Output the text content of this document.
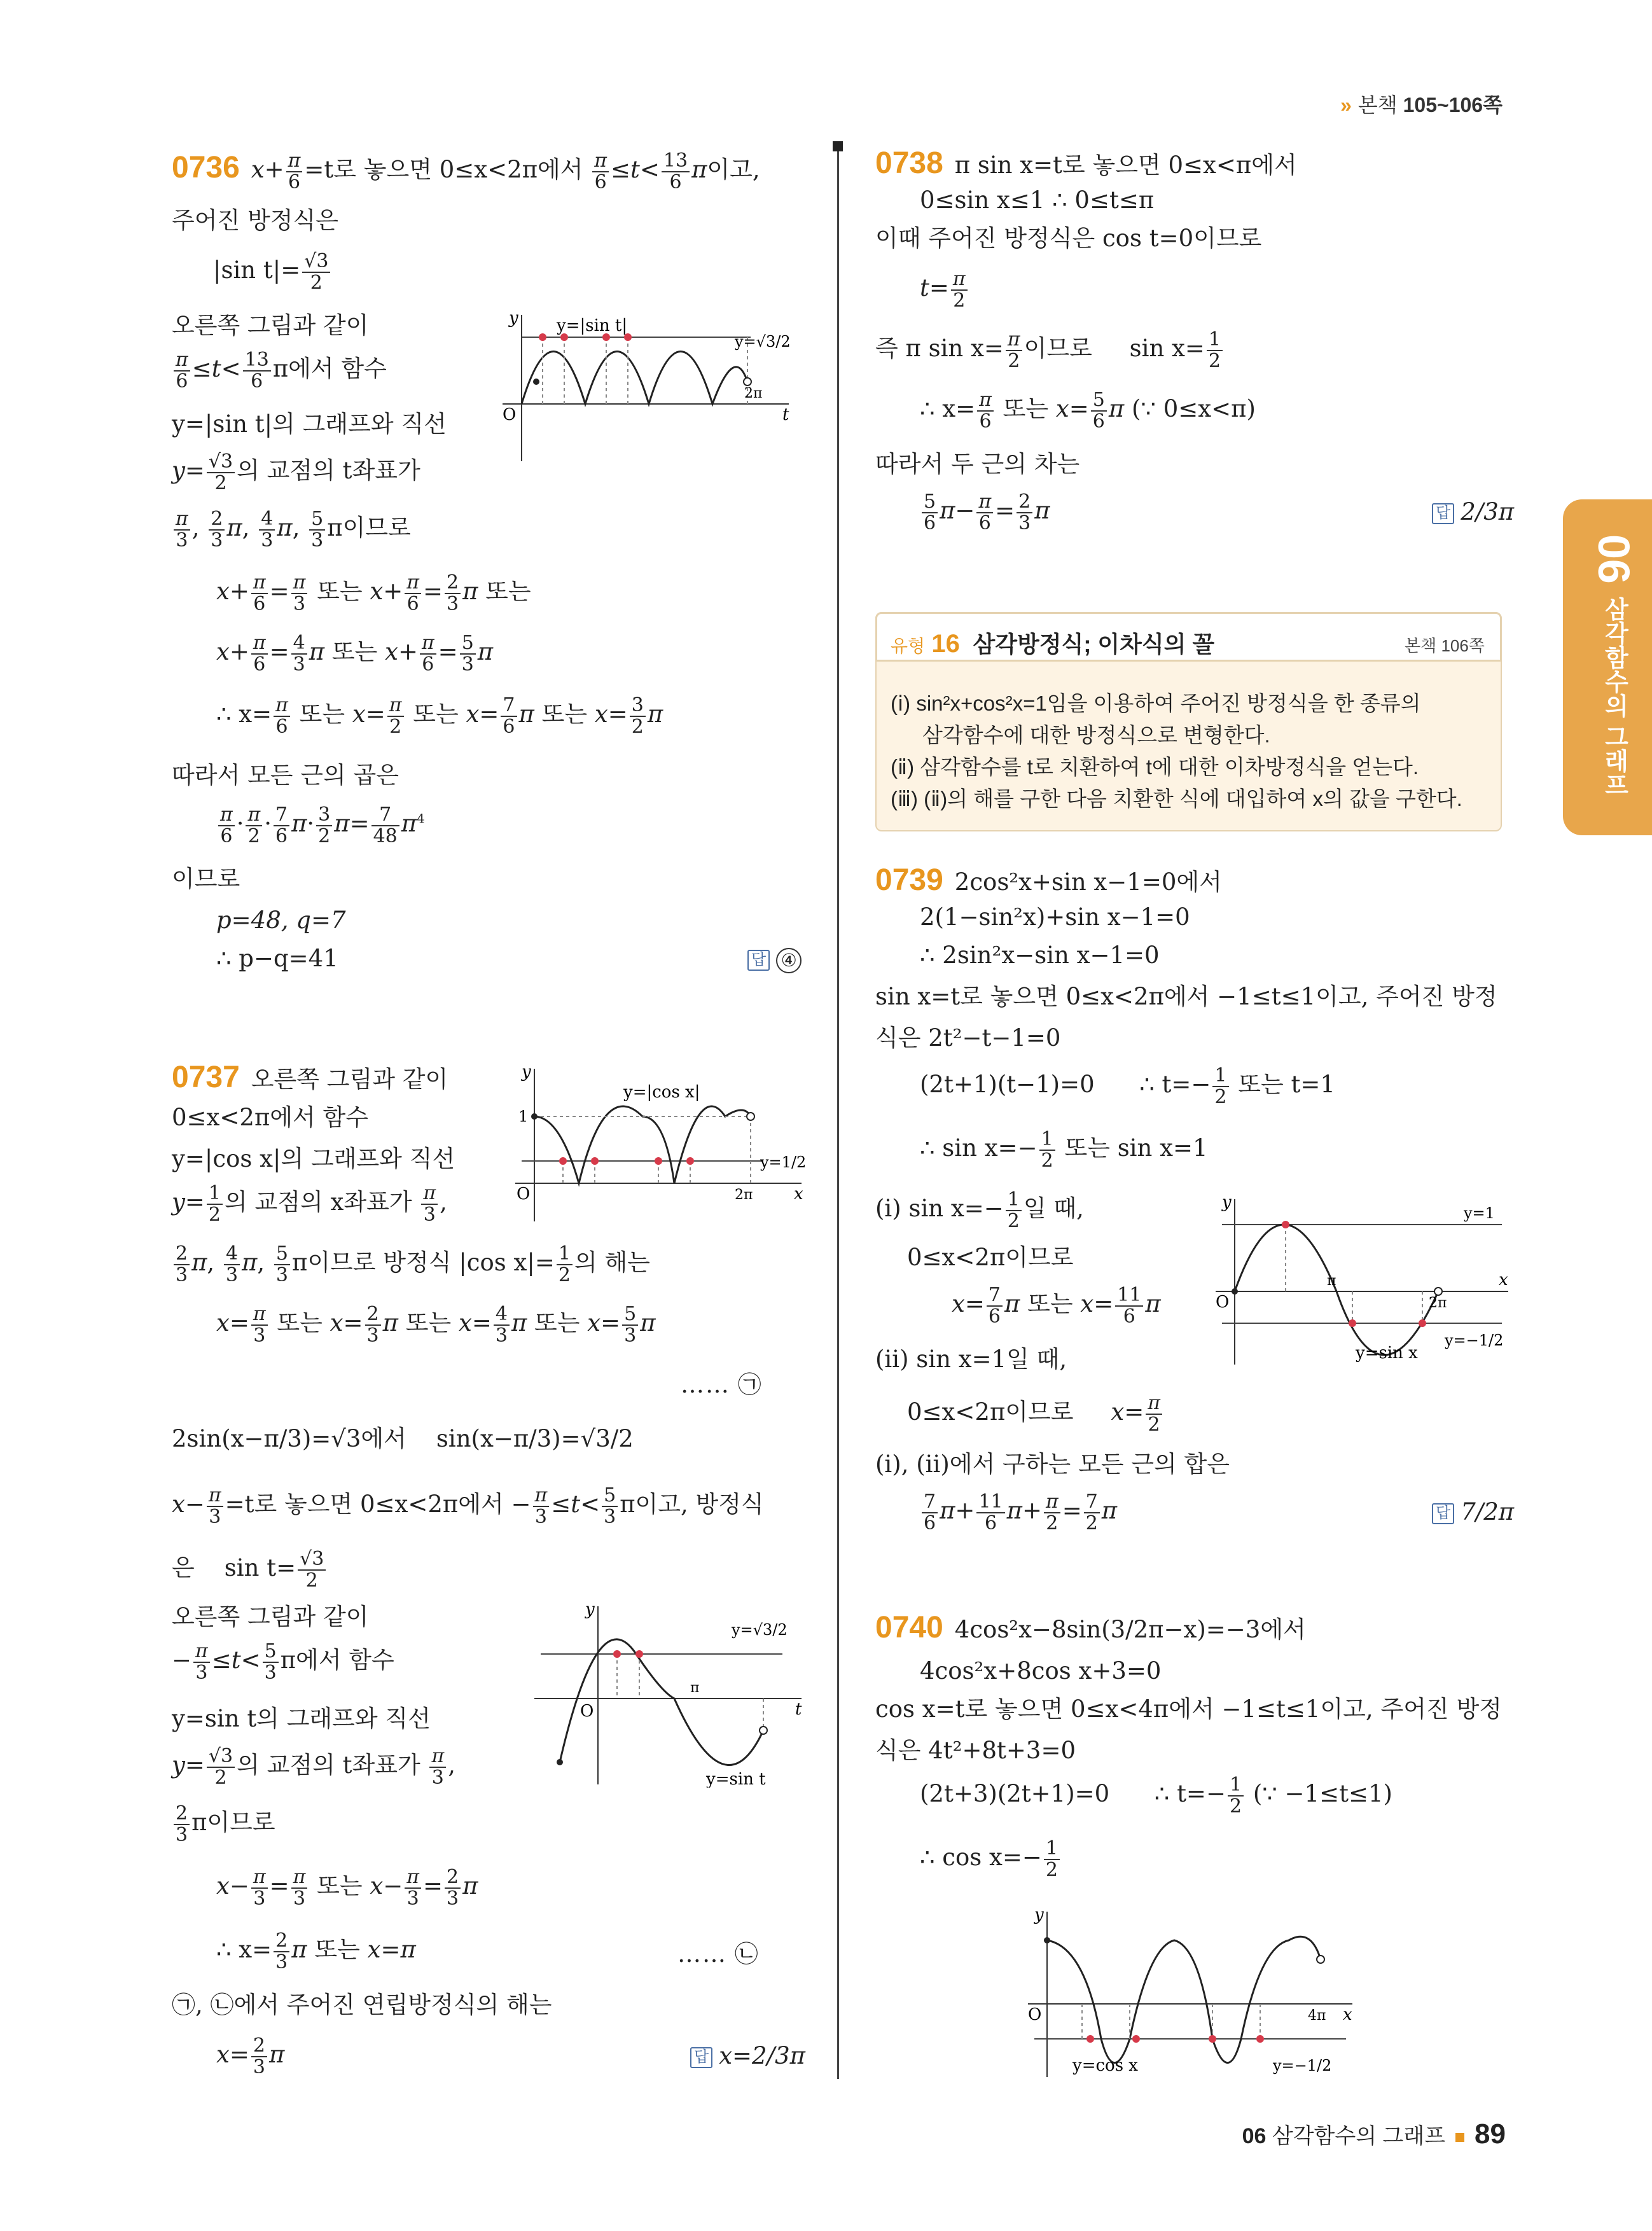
» 본책 105~106쪽
06삼각함수의 그래프
0736 $x+ \frac{\pi}{6} =t$로 놓으면 0≤x<2π에서 $\frac{\pi}{6} \le t< \frac{13}{6}$ π이고,
주어진 방정식은
|sin $t|= \frac{√3}{2}$
오른쪽 그림과 같이
$\frac{\pi}{6} \le t< \frac{13}{6}$ π에서 함수
y=|sin t|의 그래프와 직선
$y= \frac{√3}{2}$ 의 교점의 t좌표가
$\frac{\pi}{3}$ , $\frac{2}{3} \pi$, $\frac{4}{3} \pi$, $\frac{5}{3}$ π이므로
$x+ \frac{\pi}{6} = \frac{\pi}{3}$ 또는 $x+ \frac{\pi}{6} = \frac{2}{3}$ π 또는
$x+ \frac{\pi}{6} = \frac{4}{3}$ π 또는 $x+ \frac{\pi}{6} = \frac{5}{3}$ π
∴ $x= \frac{\pi}{6}$ 또는 $x= \frac{\pi}{2}$ 또는 $x= \frac{7}{6}$ π 또는 $x= \frac{3}{2}$ π
따라서 모든 근의 곱은
$\frac{\pi}{6} \cdot \frac{\pi}{2} \cdot \frac{7}{6} \pi\cdot \frac{3}{2} \pi= \frac{7}{48} \pi^4$
이므로
p=48, q=7
∴ p−q=41	답 ④
y
t
O
y=|sin t|
y=√3/2
2π
0737 오른쪽 그림과 같이
0≤x<2π에서 함수
y=|cos x|의 그래프와 직선
$y= \frac{1}{2}$ 의 교점의 x좌표가 $\frac{\pi}{3}$ ,
$\frac{2}{3} \pi$, $\frac{4}{3} \pi$, $\frac{5}{3}$ π이므로 방정식 |cos $x|= \frac{1}{2}$ 의 해는
$x= \frac{\pi}{3}$ 또는 $x= \frac{2}{3}$ π 또는 $x= \frac{4}{3}$ π 또는 $x= \frac{5}{3}$ π
…… ㉠
2sin(x−π/3)=√3에서 sin(x−π/3)=√3/2
$x- \frac{\pi}{3} =t$로 놓으면 0≤x<2π에서 − $\frac{\pi}{3} \le t< \frac{5}{3}$ π이고, 방정식
은 $\sin t= \frac{√3}{2}$
오른쪽 그림과 같이
− $\frac{\pi}{3} \le t< \frac{5}{3}$ π에서 함수
y=sin t의 그래프와 직선
$y= \frac{√3}{2}$ 의 교점의 t좌표가 $\frac{\pi}{3}$ ,
$\frac{2}{3}$ π이므로
$x- \frac{\pi}{3} = \frac{\pi}{3}$ 또는 $x- \frac{\pi}{3} = \frac{2}{3}$ π
∴ $x= \frac{2}{3}$ π 또는 x=π	…… ㉡
㉠, ㉡에서 주어진 연립방정식의 해는
$x= \frac{2}{3}$ π	답 x=2/3π
y
x
O
1
y=|cos x|
y=1/2
2π
y
t
O
y=sin t
y=√3/2
π
0738 π sin x=t로 놓으면 0≤x<π에서
0≤sin x≤1 ∴ 0≤t≤π
이때 주어진 방정식은 cos t=0이므로
$t= \frac{\pi}{2}$
즉 π $\sin x= \frac{\pi}{2}$ 이므로 $\sin x= \frac{1}{2}$
∴ $x= \frac{\pi}{6}$ 또는 $x= \frac{5}{6}$ π (∵ 0≤x<π)
따라서 두 근의 차는
$\frac{5}{6} \pi- \frac{\pi}{6} = \frac{2}{3}$ π	답 2/3π
유형 16 삼각방정식; 이차식의 꼴	본책 106쪽
(ⅰ) sin²x+cos²x=1임을 이용하여 주어진 방정식을 한 종류의
삼각함수에 대한 방정식으로 변형한다.
(ⅱ) 삼각함수를 t로 치환하여 t에 대한 이차방정식을 얻는다.
(ⅲ) (ⅱ)의 해를 구한 다음 치환한 식에 대입하여 x의 값을 구한다.
0739 2cos²x+sin x−1=0에서
2(1−sin²x)+sin x−1=0
∴ 2sin²x−sin x−1=0
sin x=t로 놓으면 0≤x<2π에서 −1≤t≤1이고, 주어진 방정
식은 2t²−t−1=0
(2t+1)(t−1)=0 ∴ $t=- \frac{1}{2}$ 또는 t=1
∴ $\sin x=- \frac{1}{2}$ 또는 sin x=1
(ⅰ) $\sin x=- \frac{1}{2}$ 일 때,
0≤x<2π이므로
$x= \frac{7}{6}$ π 또는 $x= \frac{11}{6}$ π
(ⅱ) sin x=1일 때,
0≤x<2π이므로 $x= \frac{\pi}{2}$
(ⅰ), (ⅱ)에서 구하는 모든 근의 합은
$\frac{7}{6} \pi+ \frac{11}{6} \pi+ \frac{\pi}{2} = \frac{7}{2}$ π	답 7/2π
y
x
O
y=sin x
y=1
y=−1/2
π
2π
0740 4cos²x−8sin(3/2π−x)=−3에서
4cos²x+8cos x+3=0
cos x=t로 놓으면 0≤x<4π에서 −1≤t≤1이고, 주어진 방정
식은 4t²+8t+3=0
(2t+3)(2t+1)=0 ∴ $t=- \frac{1}{2}$ (∵ −1≤t≤1)
∴ $\cos x=- \frac{1}{2}$
y
x
O
y=cos x	y=−1/2
4π
06 삼각함수의 그래프 89
